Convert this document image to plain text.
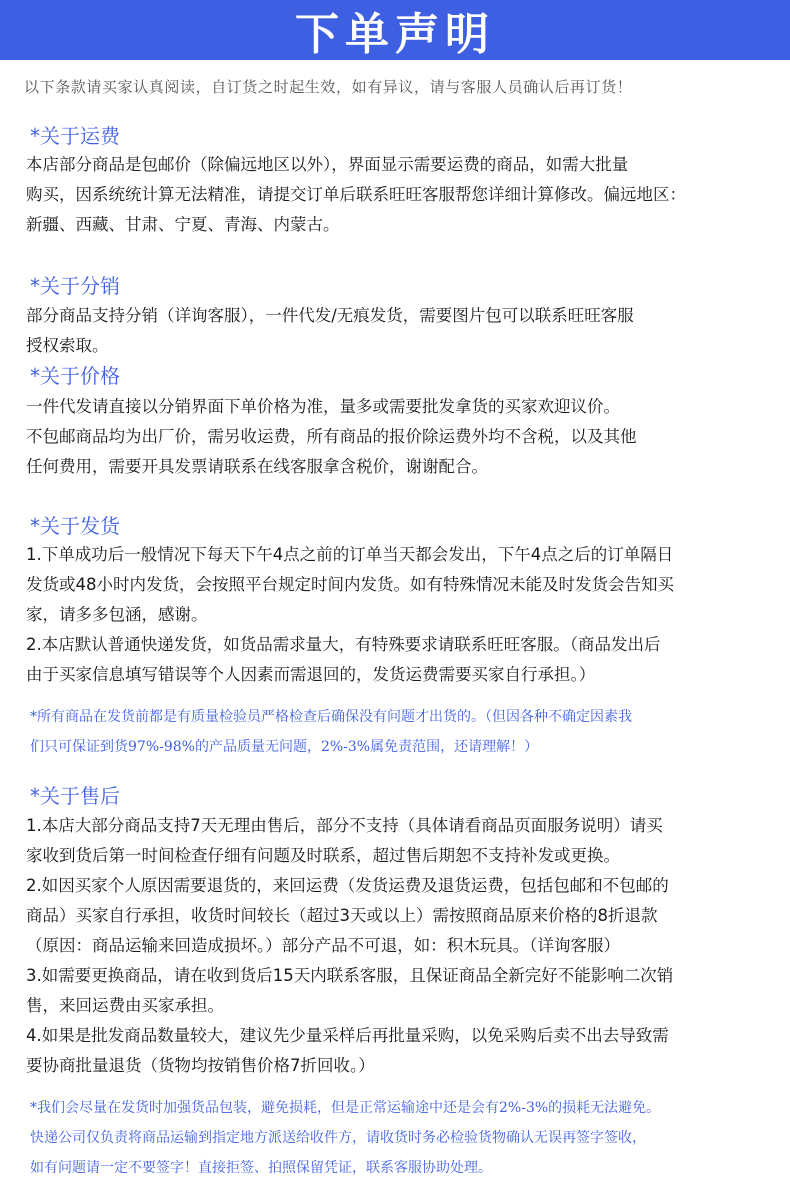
下单声明
以下条款请买家认真阅读，自订货之时起生效，如有异议，请与客服人员确认后再订货！
*关于运费
本店部分商品是包邮价（除偏远地区以外），界面显示需要运费的商品，如需大批量
购买，因系统统计算无法精准，请提交订单后联系旺旺客服帮您详细计算修改。偏远地区：
新疆、西藏、甘肃、宁夏、青海、内蒙古。
*关于分销
部分商品支持分销（详询客服），一件代发/无痕发货，需要图片包可以联系旺旺客服
授权索取。
*关于价格
一件代发请直接以分销界面下单价格为准，量多或需要批发拿货的买家欢迎议价。
不包邮商品均为出厂价，需另收运费，所有商品的报价除运费外均不含税，以及其他
任何费用，需要开具发票请联系在线客服拿含税价，谢谢配合。
*关于发货
1.下单成功后一般情况下每天下午4点之前的订单当天都会发出，下午4点之后的订单隔日
发货或48小时内发货，会按照平台规定时间内发货。如有特殊情况未能及时发货会告知买
家，请多多包涵，感谢。
2.本店默认普通快递发货，如货品需求量大，有特殊要求请联系旺旺客服。（商品发出后
由于买家信息填写错误等个人因素而需退回的，发货运费需要买家自行承担。）
*所有商品在发货前都是有质量检验员严格检查后确保没有问题才出货的。（但因各种不确定因素我
们只可保证到货97%-98%的产品质量无问题，2%-3%属免责范围，还请理解！）
*关于售后
1.本店大部分商品支持7天无理由售后，部分不支持（具体请看商品页面服务说明）请买
家收到货后第一时间检查仔细有问题及时联系，超过售后期恕不支持补发或更换。
2.如因买家个人原因需要退货的，来回运费（发货运费及退货运费，包括包邮和不包邮的
商品）买家自行承担，收货时间较长（超过3天或以上）需按照商品原来价格的8折退款
（原因：商品运输来回造成损坏。）部分产品不可退，如：积木玩具。（详询客服）
3.如需要更换商品，请在收到货后15天内联系客服，且保证商品全新完好不能影响二次销
售，来回运费由买家承担。
4.如果是批发商品数量较大，建议先少量采样后再批量采购，以免采购后卖不出去导致需
要协商批量退货（货物均按销售价格7折回收。）
*我们会尽量在发货时加强货品包装，避免损耗，但是正常运输途中还是会有2%-3%的损耗无法避免。
快递公司仅负责将商品运输到指定地方派送给收件方，请收货时务必检验货物确认无误再签字签收，
如有问题请一定不要签字！直接拒签、拍照保留凭证，联系客服协助处理。
